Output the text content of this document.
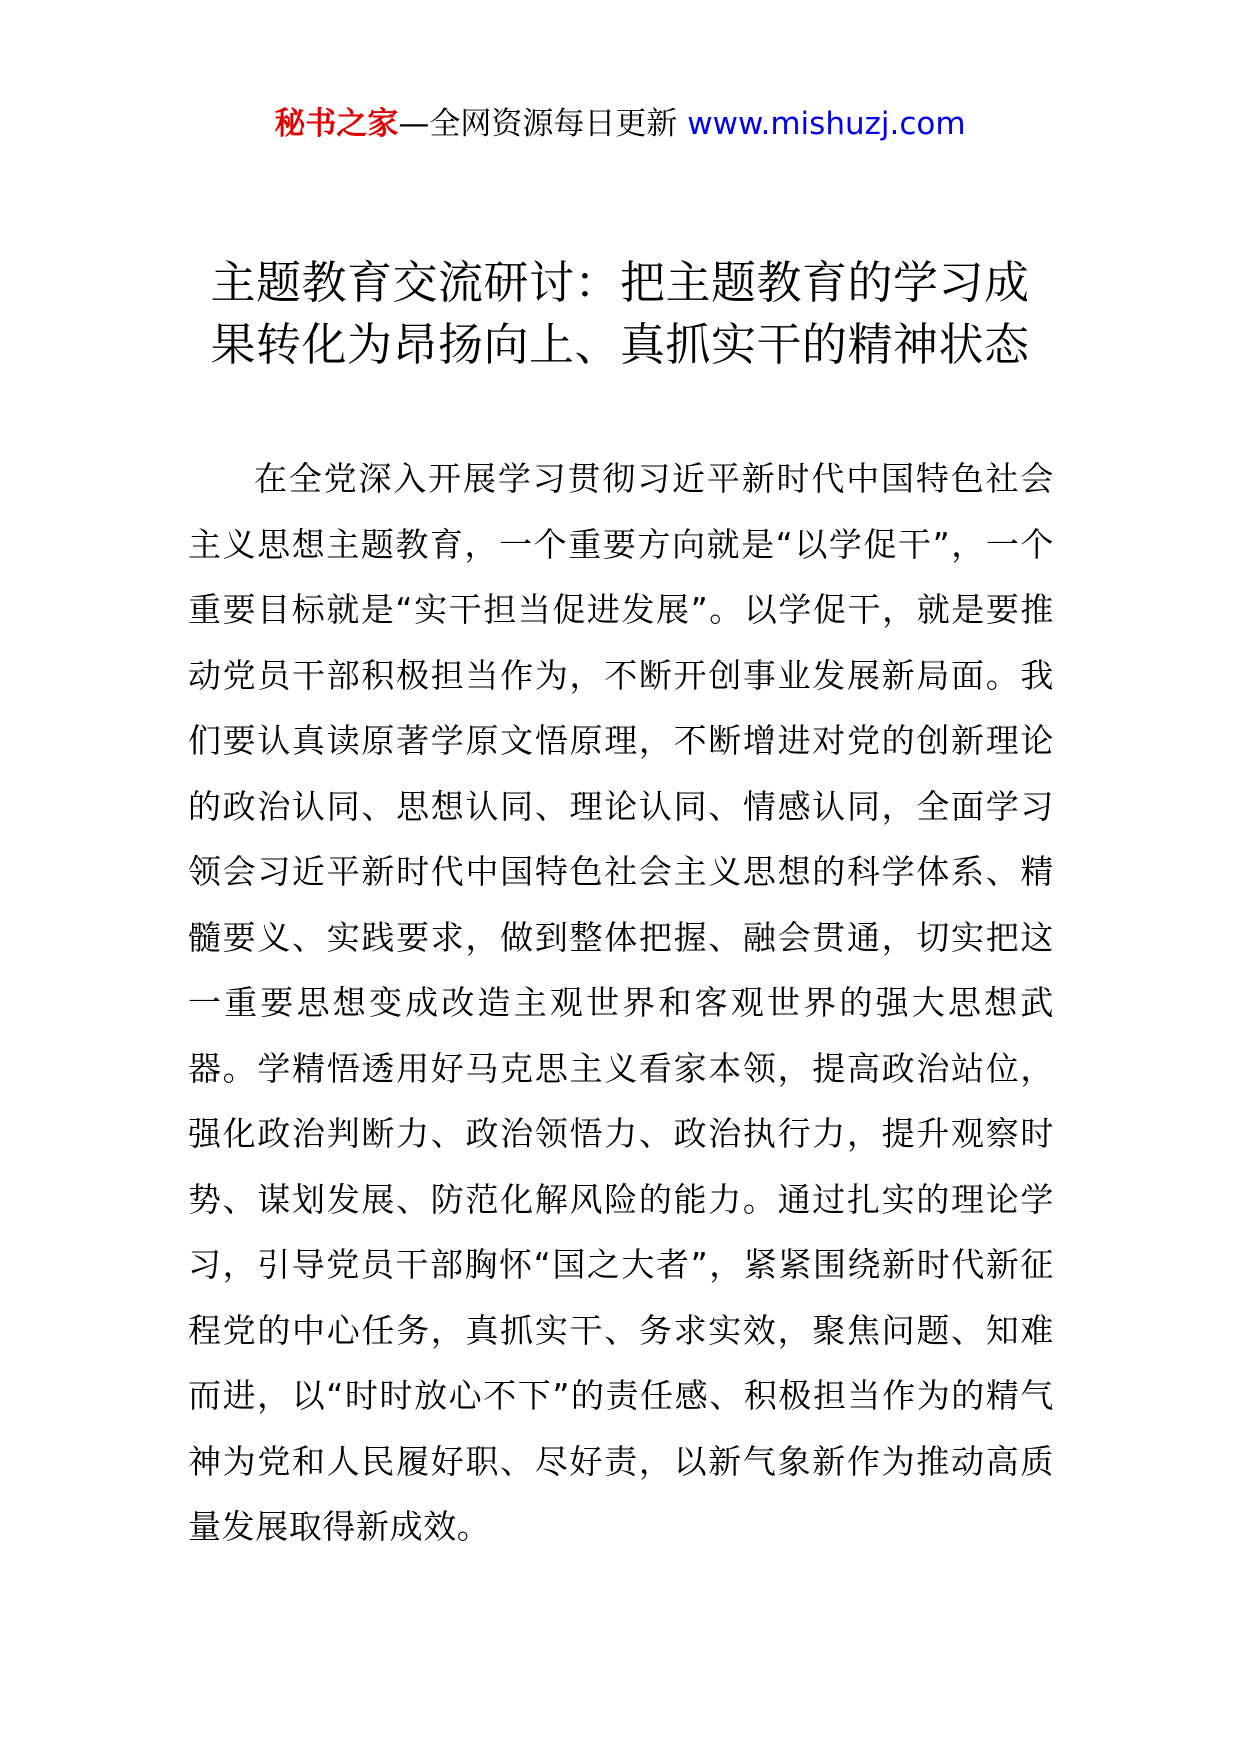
秘书之家—全网资源每日更新 www.mishuzj.com
主题教育交流研讨：把主题教育的学习成
果转化为昂扬向上、真抓实干的精神状态

在全党深入开展学习贯彻习近平新时代中国特色社会主义思想主题教育，一个重要方向就是“以学促干”，一个重要目标就是“实干担当促进发展”。以学促干，就是要推动党员干部积极担当作为，不断开创事业发展新局面。我们要认真读原著学原文悟原理，不断增进对党的创新理论的政治认同、思想认同、理论认同、情感认同，全面学习领会习近平新时代中国特色社会主义思想的科学体系、精髓要义、实践要求，做到整体把握、融会贯通，切实把这一重要思想变成改造主观世界和客观世界的强大思想武器。学精悟透用好马克思主义看家本领，提高政治站位，强化政治判断力、政治领悟力、政治执行力，提升观察时势、谋划发展、防范化解风险的能力。通过扎实的理论学习，引导党员干部胸怀“国之大者”，紧紧围绕新时代新征程党的中心任务，真抓实干、务求实效，聚焦问题、知难而进，以“时时放心不下”的责任感、积极担当作为的精气神为党和人民履好职、尽好责，以新气象新作为推动高质量发展取得新成效。
